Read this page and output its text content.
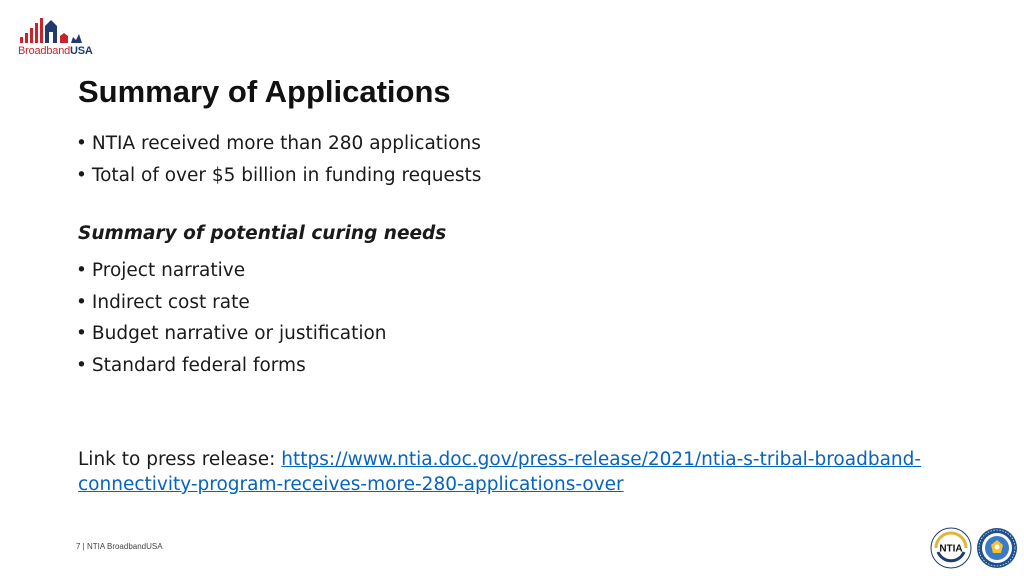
BroadbandUSA
Summary of Applications
• NTIA received more than 280 applications
• Total of over $5 billion in funding requests

Summary of potential curing needs

• Project narrative
• Indirect cost rate
• Budget narrative or justification
• Standard federal forms
Link to press release: https://www.ntia.doc.gov/press-release/2021/ntia-s-tribal-broadband-connectivity-program-receives-more-280-applications-over
7 | NTIA BroadbandUSA	NTIA
